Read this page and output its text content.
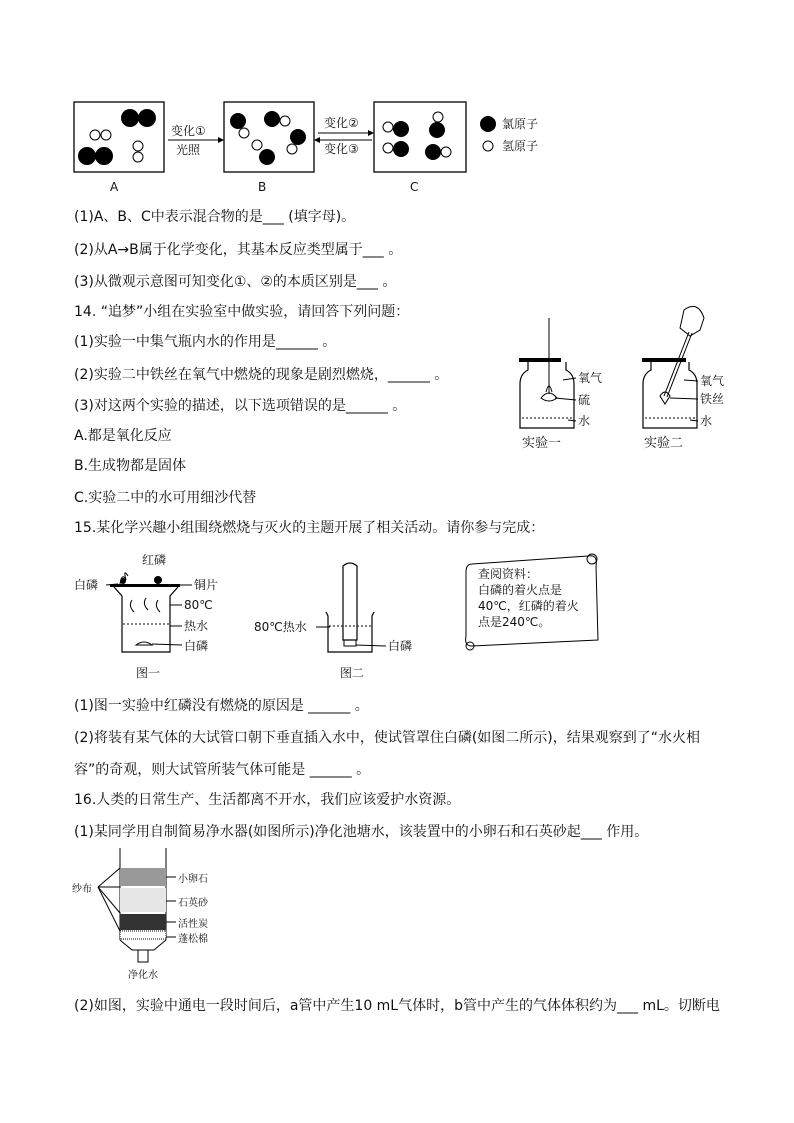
变化①
光照
变化②
变化③
A	B	C
氯原子
氢原子
(1)A、B、C中表示混合物的是___ (填字母)。
(2)从A→B属于化学变化，其基本反应类型属于___ 。
(3)从微观示意图可知变化①、②的本质区别是___ 。
14. “追梦”小组在实验室中做实验，请回答下列问题：
(1)实验一中集气瓶内水的作用是______ 。
(2)实验二中铁丝在氧气中燃烧的现象是剧烈燃烧，______ 。
(3)对这两个实验的描述，以下选项错误的是______ 。
A.都是氧化反应
B.生成物都是固体
C.实验二中的水可用细沙代替
氧气
硫
水
实验一
氧气
铁丝
水
实验二
15.某化学兴趣小组围绕燃烧与灭火的主题开展了相关活动。请你参与完成：
红磷
白磷	铜片
80℃
热水
白磷
图一
80℃热水
白磷
图二
查阅资料：
白磷的着火点是40℃，红磷的着火点是240℃。
(1)图一实验中红磷没有燃烧的原因是 ______ 。
(2)将装有某气体的大试管口朝下垂直插入水中，使试管罩住白磷(如图二所示)，结果观察到了“水火相
容”的奇观，则大试管所装气体可能是 ______ 。
16.人类的日常生产、生活都离不开水，我们应该爱护水资源。
(1)某同学用自制简易净水器(如图所示)净化池塘水，该装置中的小卵石和石英砂起___ 作用。
纱布
小卵石
石英砂
活性炭
蓬松棉
净化水
(2)如图，实验中通电一段时间后，a管中产生10 mL气体时，b管中产生的气体体积约为___ mL。切断电
